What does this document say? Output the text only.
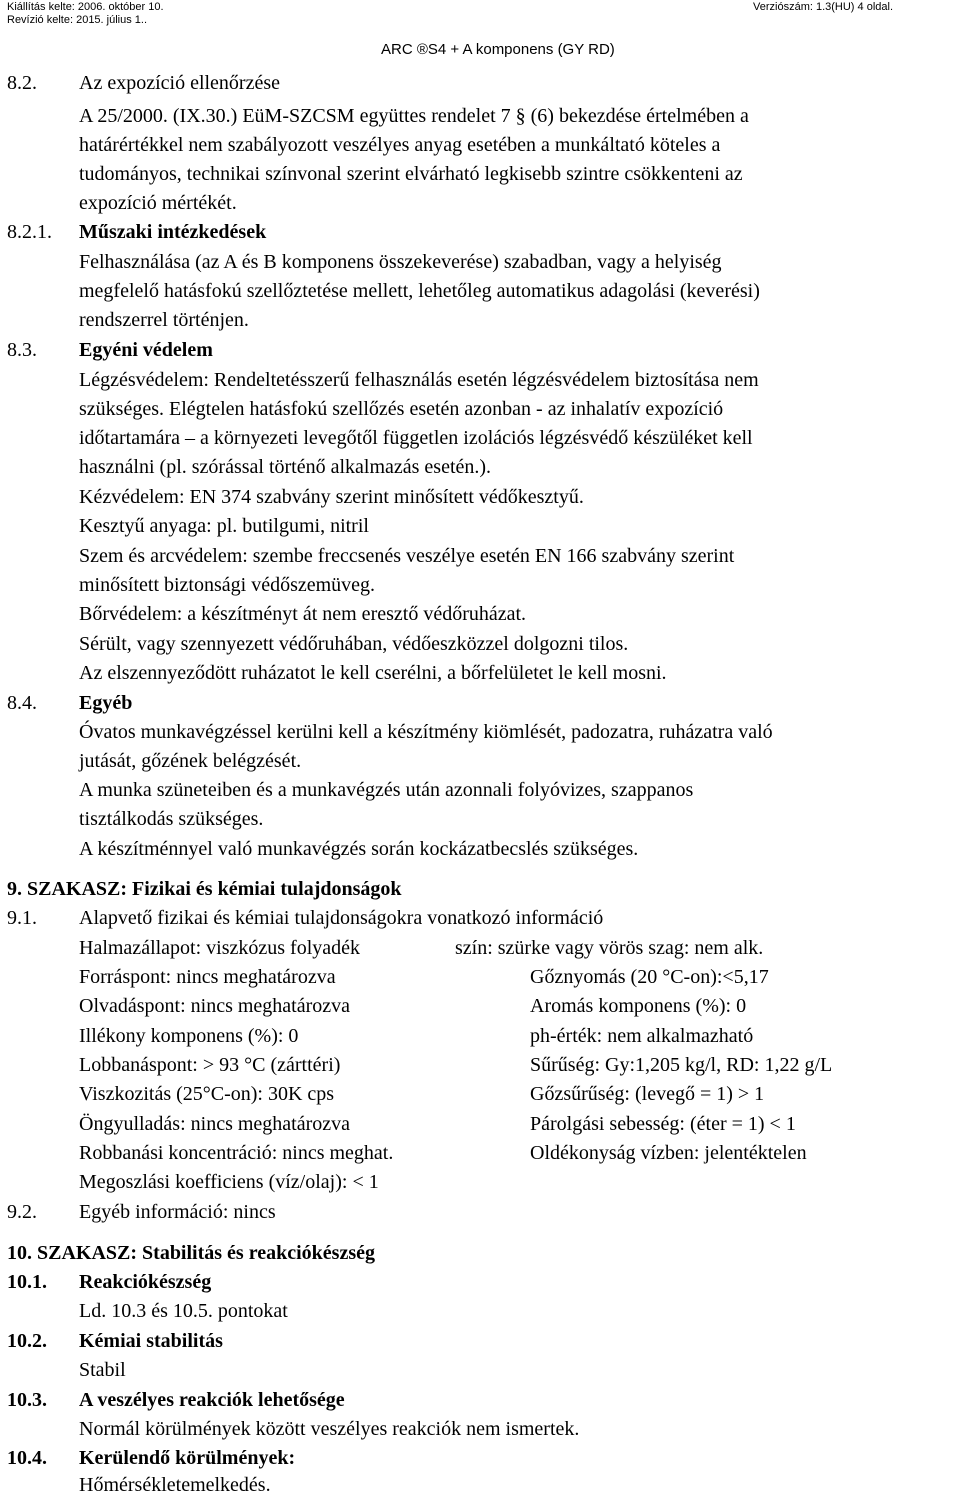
Kiállítás kelte: 2006. október 10.
Revízió kelte: 2015. július 1..
Verziószám: 1.3(HU) 4 oldal.
ARC ®S4 + A komponens (GY RD)
8.2. Az expozíció ellenőrzése
A 25/2000. (IX.30.) EüM-SZCSM együttes rendelet 7 § (6) bekezdése értelmében a
határértékkel nem szabályozott veszélyes anyag esetében a munkáltató köteles a
tudományos, technikai színvonal szerint elvárható legkisebb szintre csökkenteni az
expozíció mértékét.
8.2.1. Műszaki intézkedések
Felhasználása (az A és B komponens összekeverése) szabadban, vagy a helyiség
megfelelő hatásfokú szellőztetése mellett, lehetőleg automatikus adagolási (keverési)
rendszerrel történjen.
8.3. Egyéni védelem
Légzésvédelem: Rendeltetésszerű felhasználás esetén légzésvédelem biztosítása nem
szükséges. Elégtelen hatásfokú szellőzés esetén azonban - az inhalatív expozíció
időtartamára – a környezeti levegőtől független izolációs légzésvédő készüléket kell
használni (pl. szórással történő alkalmazás esetén.).
Kézvédelem: EN 374 szabvány szerint minősített védőkesztyű.
Kesztyű anyaga: pl. butilgumi, nitril
Szem és arcvédelem: szembe freccsenés veszélye esetén EN 166 szabvány szerint
minősített biztonsági védőszemüveg.
Bőrvédelem: a készítményt át nem eresztő védőruházat.
Sérült, vagy szennyezett védőruhában, védőeszközzel dolgozni tilos.
Az elszennyeződött ruházatot le kell cserélni, a bőrfelületet le kell mosni.
8.4. Egyéb
Óvatos munkavégzéssel kerülni kell a készítmény kiömlését, padozatra, ruházatra való
jutását, gőzének belégzését.
A munka szüneteiben és a munkavégzés után azonnali folyóvizes, szappanos
tisztálkodás szükséges.
A készítménnyel való munkavégzés során kockázatbecslés szükséges.
9. SZAKASZ: Fizikai és kémiai tulajdonságok
9.1. Alapvető fizikai és kémiai tulajdonságokra vonatkozó információ
Halmazállapot: viszkózus folyadék	szín: szürke vagy vörös szag: nem alk.
Forráspont: nincs meghatározva	Gőznyomás (20 °C-on):<5,17
Olvadáspont: nincs meghatározva	Aromás komponens (%): 0
Illékony komponens (%): 0	ph-érték: nem alkalmazható
Lobbanáspont: > 93 °C (zárttéri)	Sűrűség: Gy:1,205 kg/l, RD: 1,22 g/L
Viszkozitás (25°C-on): 30K cps	Gőzsűrűség: (levegő = 1) > 1
Öngyulladás: nincs meghatározva	Párolgási sebesség: (éter = 1) < 1
Robbanási koncentráció: nincs meghat.	Oldékonyság vízben: jelentéktelen
Megoszlási koefficiens (víz/olaj): < 1
9.2. Egyéb információ: nincs
10. SZAKASZ: Stabilitás és reakciókészség
10.1. Reakciókészség
Ld. 10.3 és 10.5. pontokat
10.2. Kémiai stabilitás
Stabil
10.3. A veszélyes reakciók lehetősége
Normál körülmények között veszélyes reakciók nem ismertek.
10.4. Kerülendő körülmények:
Hőmérsékletemelkedés.
